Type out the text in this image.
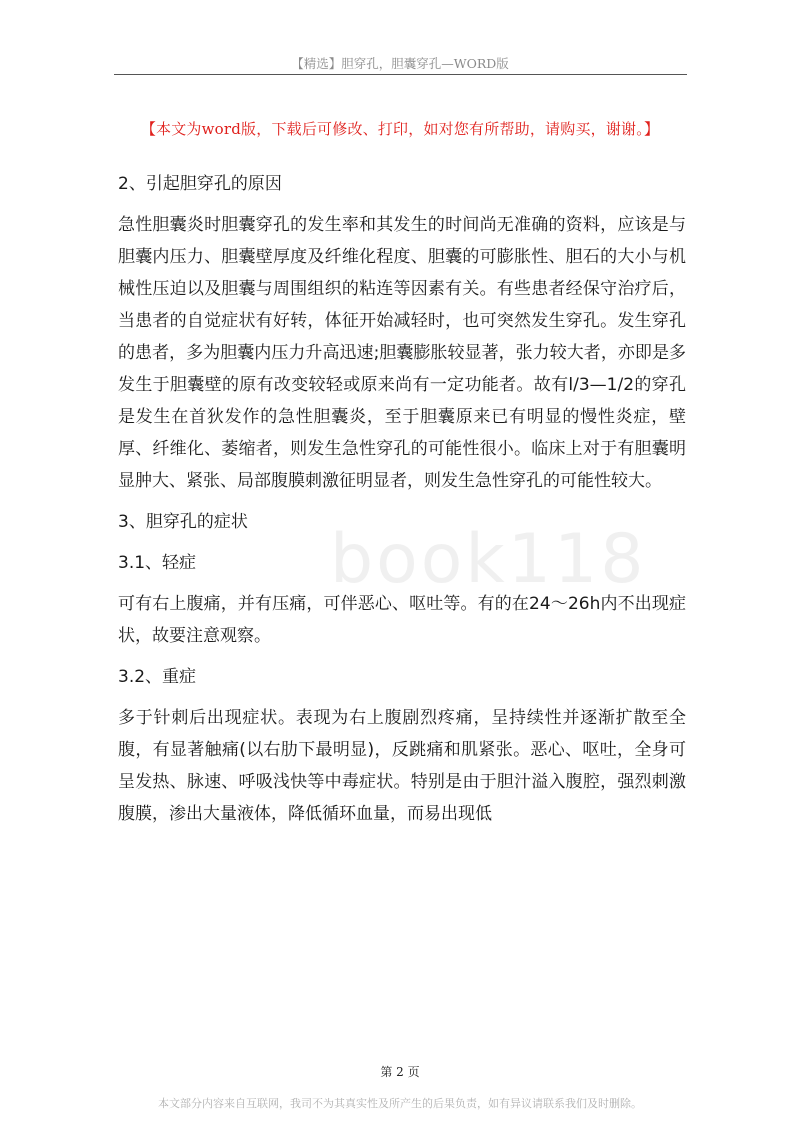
【精选】胆穿孔，胆囊穿孔—WORD版
【本文为word版，下载后可修改、打印，如对您有所帮助，请购买，谢谢。】

2、引起胆穿孔的原因

急性胆囊炎时胆囊穿孔的发生率和其发生的时间尚无准确的资料，应该是与胆囊内压力、胆囊壁厚度及纤维化程度、胆囊的可膨胀性、胆石的大小与机械性压迫以及胆囊与周围组织的粘连等因素有关。有些患者经保守治疗后，当患者的自觉症状有好转，体征开始减轻时，也可突然发生穿孔。发生穿孔的患者，多为胆囊内压力升高迅速;胆囊膨胀较显著，张力较大者，亦即是多发生于胆囊壁的原有改变较轻或原来尚有一定功能者。故有l/3—1/2的穿孔是发生在首狄发作的急性胆囊炎，至于胆囊原来已有明显的慢性炎症，壁厚、纤维化、萎缩者，则发生急性穿孔的可能性很小。临床上对于有胆囊明显肿大、紧张、局部腹膜刺激征明显者，则发生急性穿孔的可能性较大。

3、胆穿孔的症状

3.1、轻症

可有右上腹痛，并有压痛，可伴恶心、呕吐等。有的在24～26h内不出现症状，故要注意观察。

3.2、重症

多于针刺后出现症状。表现为右上腹剧烈疼痛，呈持续性并逐渐扩散至全腹，有显著触痛(以右肋下最明显)，反跳痛和肌紧张。恶心、呕吐，全身可呈发热、脉速、呼吸浅快等中毒症状。特别是由于胆汁溢入腹腔，强烈刺激腹膜，渗出大量液体，降低循环血量，而易出现低

book118
第 2 页
本文部分内容来自互联网，我司不为其真实性及所产生的后果负责，如有异议请联系我们及时删除。
